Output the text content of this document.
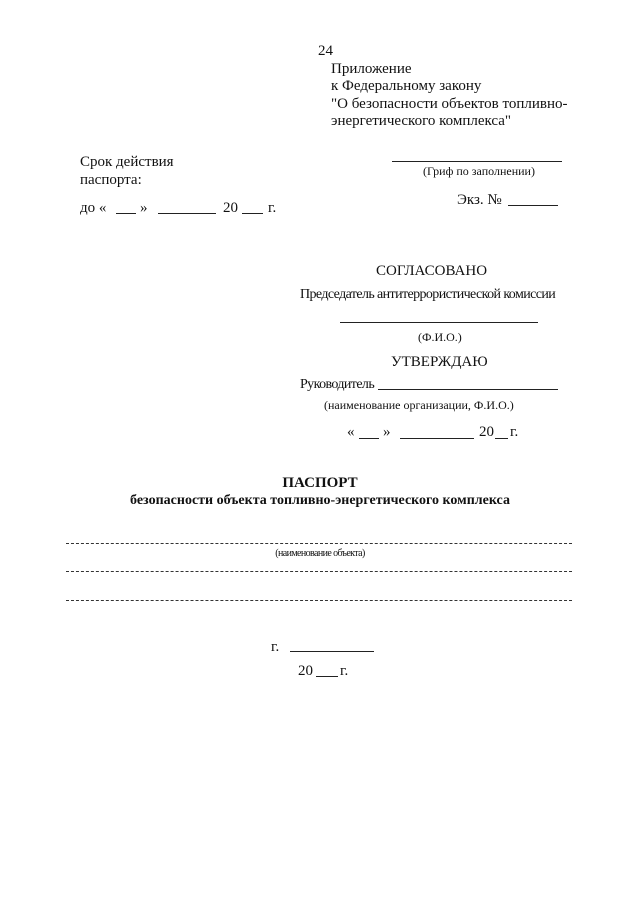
24
Приложение
к Федеральному закону
"О безопасности объектов топливно-
энергетического комплекса"
Срок действия
паспорта:
до « »	20 г.
(Гриф по заполнении)
Экз. №
СОГЛАСОВАНО
Председатель антитеррористической комиссии
(Ф.И.О.)
УТВЕРЖДАЮ
Руководитель
(наименование организации, Ф.И.О.)
« »	20 г.
ПАСПОРТ
безопасности объекта топливно-энергетического комплекса
(наименование объекта)
г.
20 г.
